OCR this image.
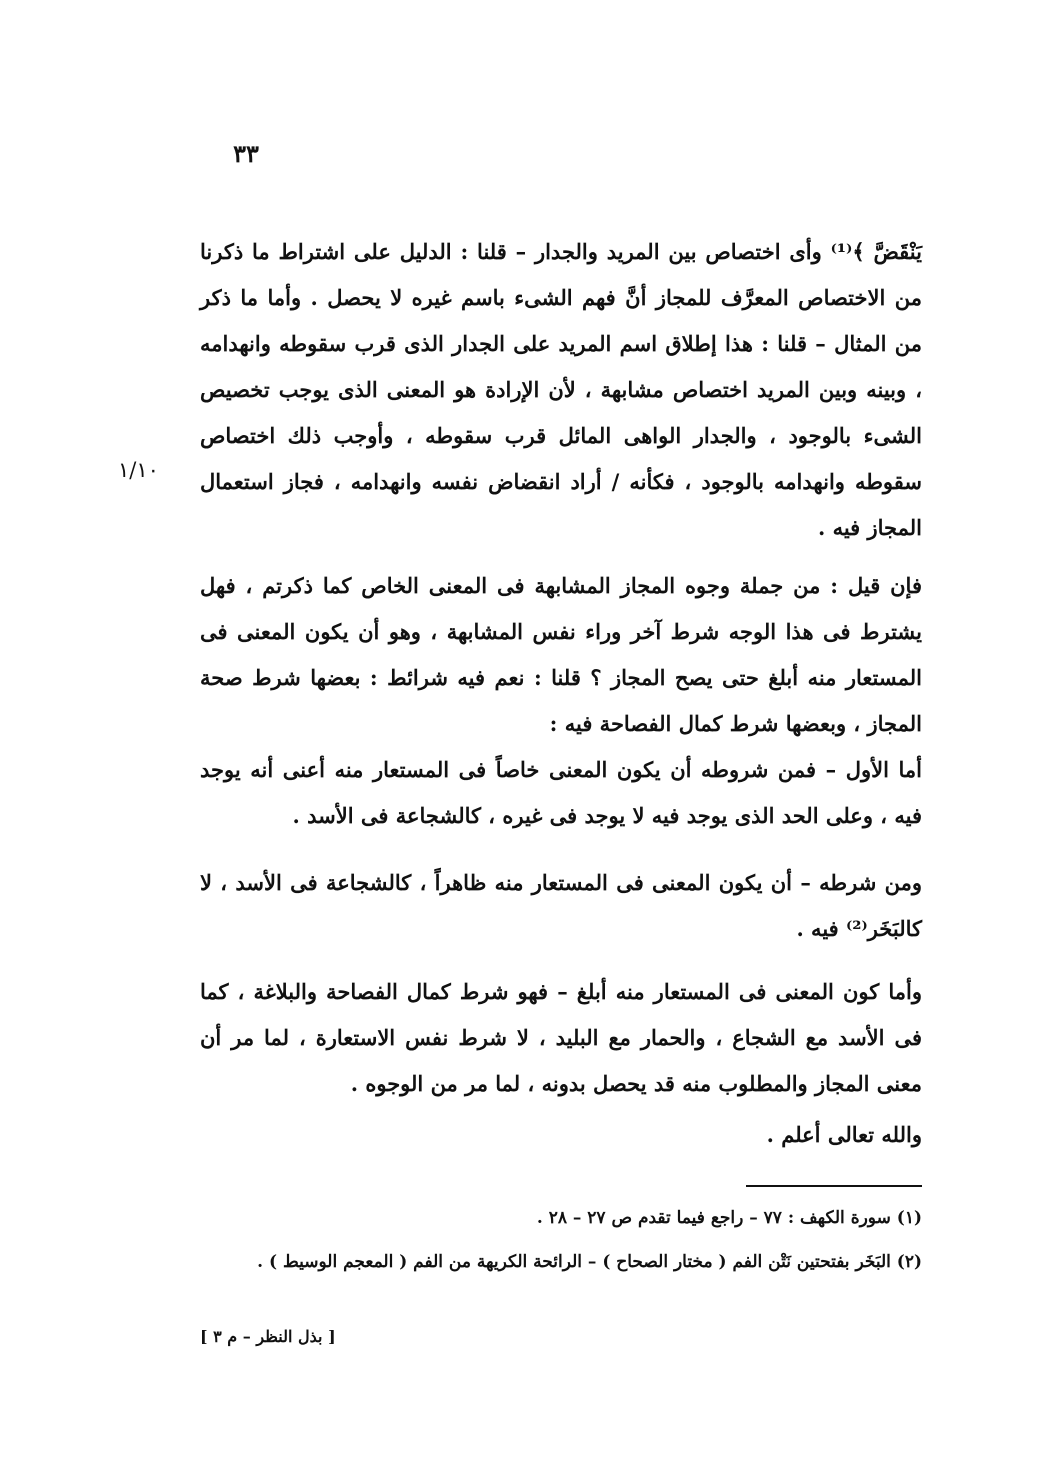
٣٣
١/١٠

يَنْقَضَّ ﴾⁽¹⁾ وأى اختصاص بين المريد والجدار – قلنا : الدليل على اشتراط ما ذكرنا من الاختصاص المعرَّف للمجاز أنَّ فهم الشىء باسم غيره لا يحصل . وأما ما ذكر من المثال – قلنا : هذا إطلاق اسم المريد على الجدار الذى قرب سقوطه وانهدامه ، وبينه وبين المريد اختصاص مشابهة ، لأن الإرادة هو المعنى الذى يوجب تخصيص الشىء بالوجود ، والجدار الواهى المائل قرب سقوطه ، وأوجب ذلك اختصاص سقوطه وانهدامه بالوجود ، فكأنه / أراد انقضاض نفسه وانهدامه ، فجاز استعمال المجاز فيه .

فإن قيل : من جملة وجوه المجاز المشابهة فى المعنى الخاص كما ذكرتم ، فهل يشترط فى هذا الوجه شرط آخر وراء نفس المشابهة ، وهو أن يكون المعنى فى المستعار منه أبلغ حتى يصح المجاز ؟ قلنا : نعم فيه شرائط : بعضها شرط صحة المجاز ، وبعضها شرط كمال الفصاحة فيه :

أما الأول – فمن شروطه أن يكون المعنى خاصاً فى المستعار منه أعنى أنه يوجد فيه ، وعلى الحد الذى يوجد فيه لا يوجد فى غيره ، كالشجاعة فى الأسد .

ومن شرطه – أن يكون المعنى فى المستعار منه ظاهراً ، كالشجاعة فى الأسد ، لا كالبَخَر⁽²⁾ فيه .

وأما كون المعنى فى المستعار منه أبلغ – فهو شرط كمال الفصاحة والبلاغة ، كما فى الأسد مع الشجاع ، والحمار مع البليد ، لا شرط نفس الاستعارة ، لما مر أن معنى المجاز والمطلوب منه قد يحصل بدونه ، لما مر من الوجوه .

والله تعالى أعلم .

(١) سورة الكهف : ٧٧ – راجع فيما تقدم ص ٢٧ – ٢٨ .

(٢) البَخَر بفتحتين نَتْن الفم ( مختار الصحاح ) – الرائحة الكريهة من الفم ( المعجم الوسيط ) .

[ بذل النظر – م ٣ ]
